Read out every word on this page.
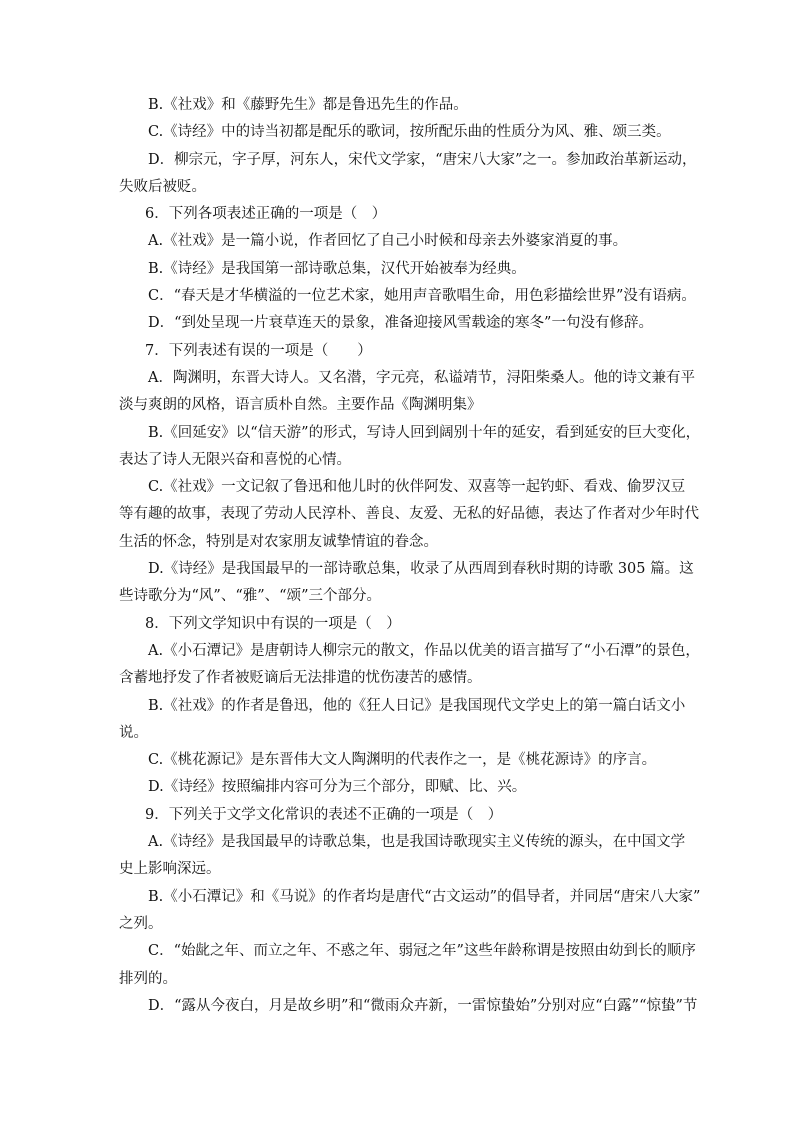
B.《社戏》和《藤野先生》都是鲁迅先生的作品。
C.《诗经》中的诗当初都是配乐的歌词，按所配乐曲的性质分为风、雅、颂三类。
D．柳宗元，字子厚，河东人，宋代文学家，“唐宋八大家”之一。参加政治革新运动，
失败后被贬。
6．下列各项表述正确的一项是（　）
A.《社戏》是一篇小说，作者回忆了自己小时候和母亲去外婆家消夏的事。
B.《诗经》是我国第一部诗歌总集，汉代开始被奉为经典。
C．“春天是才华横溢的一位艺术家，她用声音歌唱生命，用色彩描绘世界”没有语病。
D．“到处呈现一片衰草连天的景象，准备迎接风雪载途的寒冬”一句没有修辞。
7．下列表述有误的一项是（　　）
A．陶渊明，东晋大诗人。又名潜，字元亮，私谥靖节，浔阳柴桑人。他的诗文兼有平
淡与爽朗的风格，语言质朴自然。主要作品《陶渊明集》
B.《回延安》以“信天游”的形式，写诗人回到阔别十年的延安，看到延安的巨大变化，
表达了诗人无限兴奋和喜悦的心情。
C.《社戏》一文记叙了鲁迅和他儿时的伙伴阿发、双喜等一起钓虾、看戏、偷罗汉豆
等有趣的故事，表现了劳动人民淳朴、善良、友爱、无私的好品德，表达了作者对少年时代
生活的怀念，特别是对农家朋友诚挚情谊的眷念。
D.《诗经》是我国最早的一部诗歌总集，收录了从西周到春秋时期的诗歌 305 篇。这
些诗歌分为“风”、“雅”、“颂”三个部分。
8．下列文学知识中有误的一项是（　）
A.《小石潭记》是唐朝诗人柳宗元的散文，作品以优美的语言描写了“小石潭”的景色，
含蓄地抒发了作者被贬谪后无法排遣的忧伤凄苦的感情。
B.《社戏》的作者是鲁迅，他的《狂人日记》是我国现代文学史上的第一篇白话文小
说。
C.《桃花源记》是东晋伟大文人陶渊明的代表作之一，是《桃花源诗》的序言。
D.《诗经》按照编排内容可分为三个部分，即赋、比、兴。
9．下列关于文学文化常识的表述不正确的一项是（　）
A.《诗经》是我国最早的诗歌总集，也是我国诗歌现实主义传统的源头，在中国文学
史上影响深远。
B.《小石潭记》和《马说》的作者均是唐代“古文运动”的倡导者，并同居“唐宋八大家”
之列。
C．“始龀之年、而立之年、不惑之年、弱冠之年”这些年龄称谓是按照由幼到长的顺序
排列的。
D．“露从今夜白，月是故乡明”和“微雨众卉新，一雷惊蛰始”分别对应“白露”“惊蛰”节
